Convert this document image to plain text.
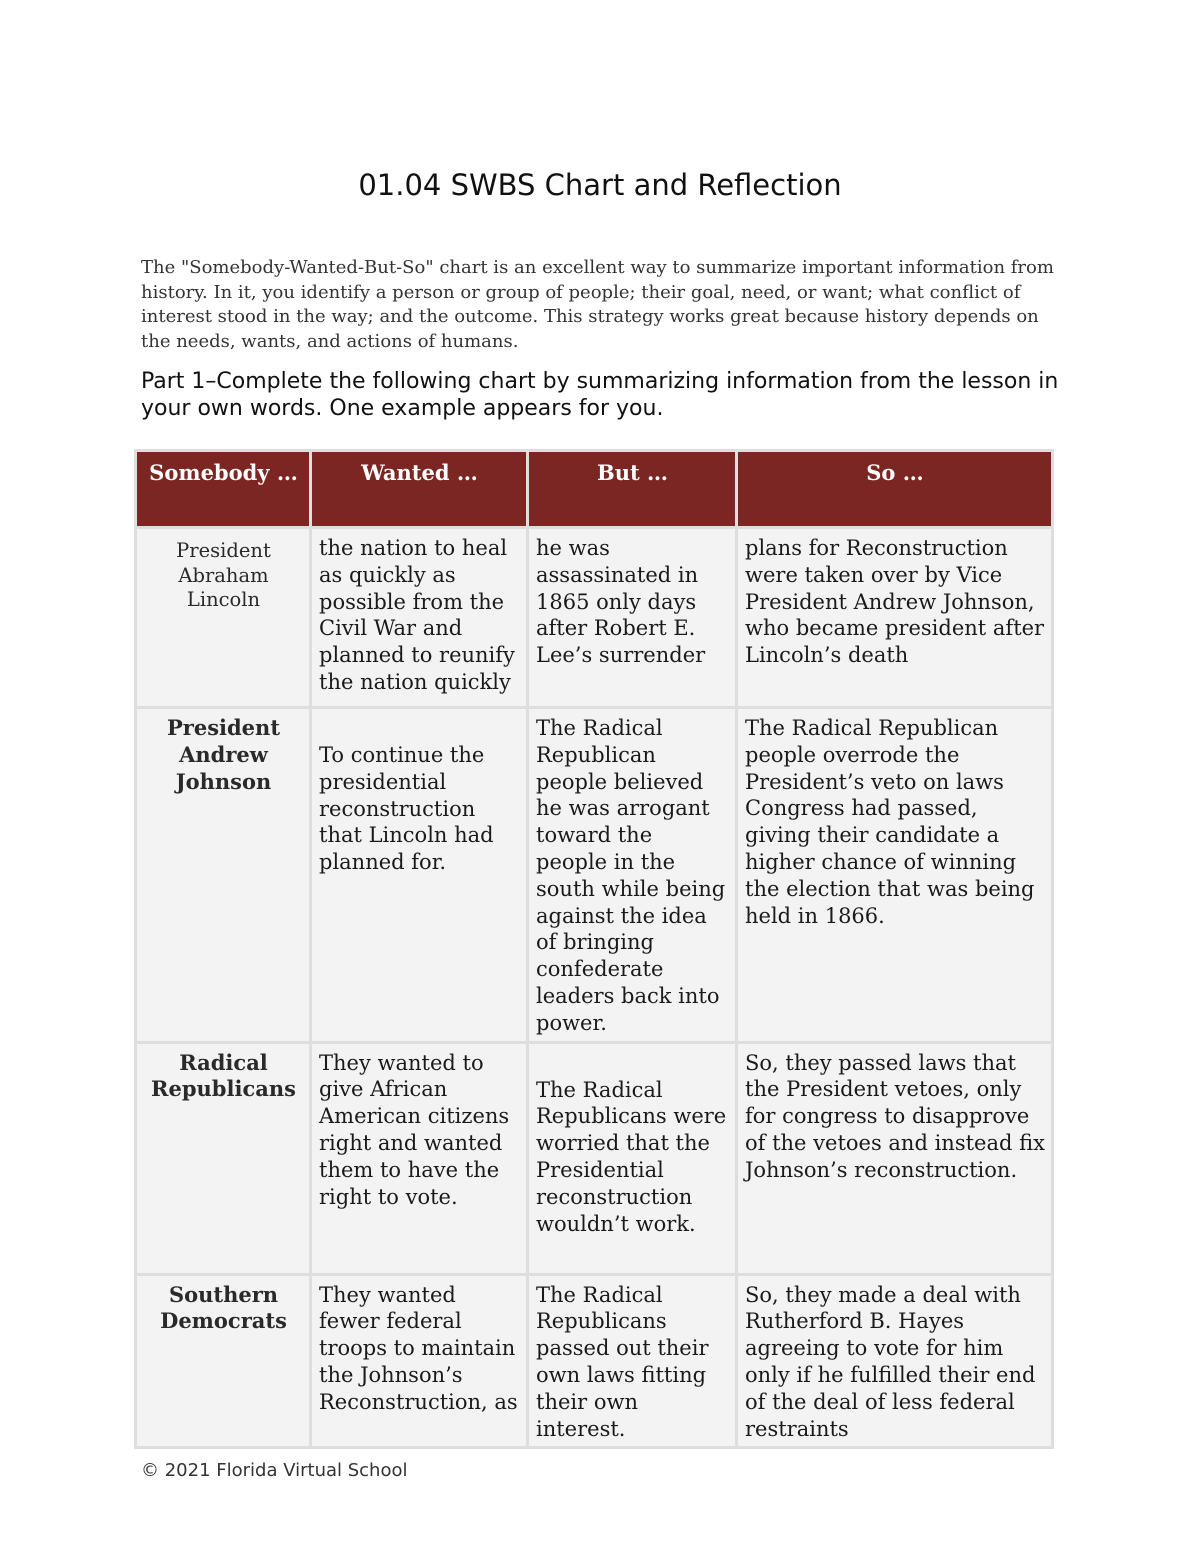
01.04 SWBS Chart and Reflection
The "Somebody-Wanted-But-So" chart is an excellent way to summarize important information from history. In it, you identify a person or group of people; their goal, need, or want; what conflict of interest stood in the way; and the outcome. This strategy works great because history depends on the needs, wants, and actions of humans.
Part 1–Complete the following chart by summarizing information from the lesson in your own words. One example appears for you.
Somebody …	Wanted …	But …	So …
President Abraham Lincoln	the nation to heal as quickly as possible from the Civil War and planned to reunify the nation quickly	he was assassinated in 1865 only days after Robert E. Lee’s surrender	plans for Reconstruction were taken over by Vice President Andrew Johnson, who became president after Lincoln’s death
President Andrew Johnson	To continue the presidential reconstruction that Lincoln had planned for.	The Radical Republican people believed he was arrogant toward the people in the south while being against the idea of bringing confederate leaders back into power.	The Radical Republican people overrode the President’s veto on laws Congress had passed, giving their candidate a higher chance of winning the election that was being held in 1866.
Radical Republicans	They wanted to give African American citizens right and wanted them to have the right to vote.	The Radical Republicans were worried that the Presidential reconstruction wouldn’t work.	So, they passed laws that the President vetoes, only for congress to disapprove of the vetoes and instead fix Johnson’s reconstruction.
Southern Democrats	They wanted fewer federal troops to maintain the Johnson’s Reconstruction, as	The Radical Republicans passed out their own laws fitting their own interest.	So, they made a deal with Rutherford B. Hayes agreeing to vote for him only if he fulfilled their end of the deal of less federal restraints
© 2021 Florida Virtual School
